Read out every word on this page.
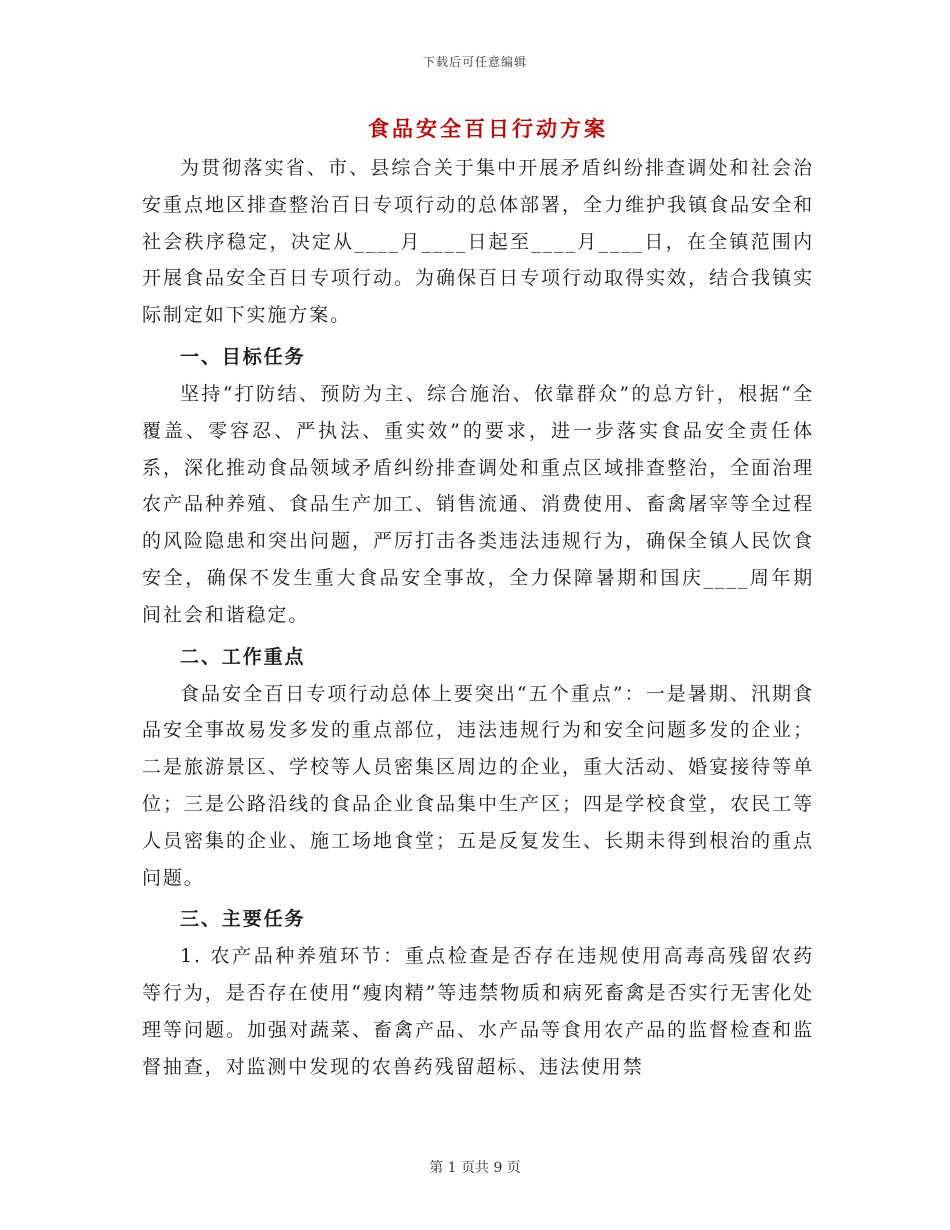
下载后可任意编辑
食品安全百日行动方案

为贯彻落实省、市、县综合关于集中开展矛盾纠纷排查调处和社会治安重点地区排查整治百日专项行动的总体部署，全力维护我镇食品安全和社会秩序稳定，决定从____月____日起至____月____日，在全镇范围内开展食品安全百日专项行动。为确保百日专项行动取得实效，结合我镇实际制定如下实施方案。

一、目标任务

坚持“打防结、预防为主、综合施治、依靠群众”的总方针，根据“全覆盖、零容忍、严执法、重实效”的要求，进一步落实食品安全责任体系，深化推动食品领域矛盾纠纷排查调处和重点区域排查整治，全面治理农产品种养殖、食品生产加工、销售流通、消费使用、畜禽屠宰等全过程的风险隐患和突出问题，严厉打击各类违法违规行为，确保全镇人民饮食安全，确保不发生重大食品安全事故，全力保障暑期和国庆____周年期间社会和谐稳定。

二、工作重点

食品安全百日专项行动总体上要突出“五个重点”：一是暑期、汛期食品安全事故易发多发的重点部位，违法违规行为和安全问题多发的企业；二是旅游景区、学校等人员密集区周边的企业，重大活动、婚宴接待等单位；三是公路沿线的食品企业食品集中生产区；四是学校食堂，农民工等人员密集的企业、施工场地食堂；五是反复发生、长期未得到根治的重点问题。

三、主要任务

1. 农产品种养殖环节：重点检查是否存在违规使用高毒高残留农药等行为，是否存在使用“瘦肉精”等违禁物质和病死畜禽是否实行无害化处理等问题。加强对蔬菜、畜禽产品、水产品等食用农产品的监督检查和监督抽查，对监测中发现的农兽药残留超标、违法使用禁

第 1 页共 9 页
